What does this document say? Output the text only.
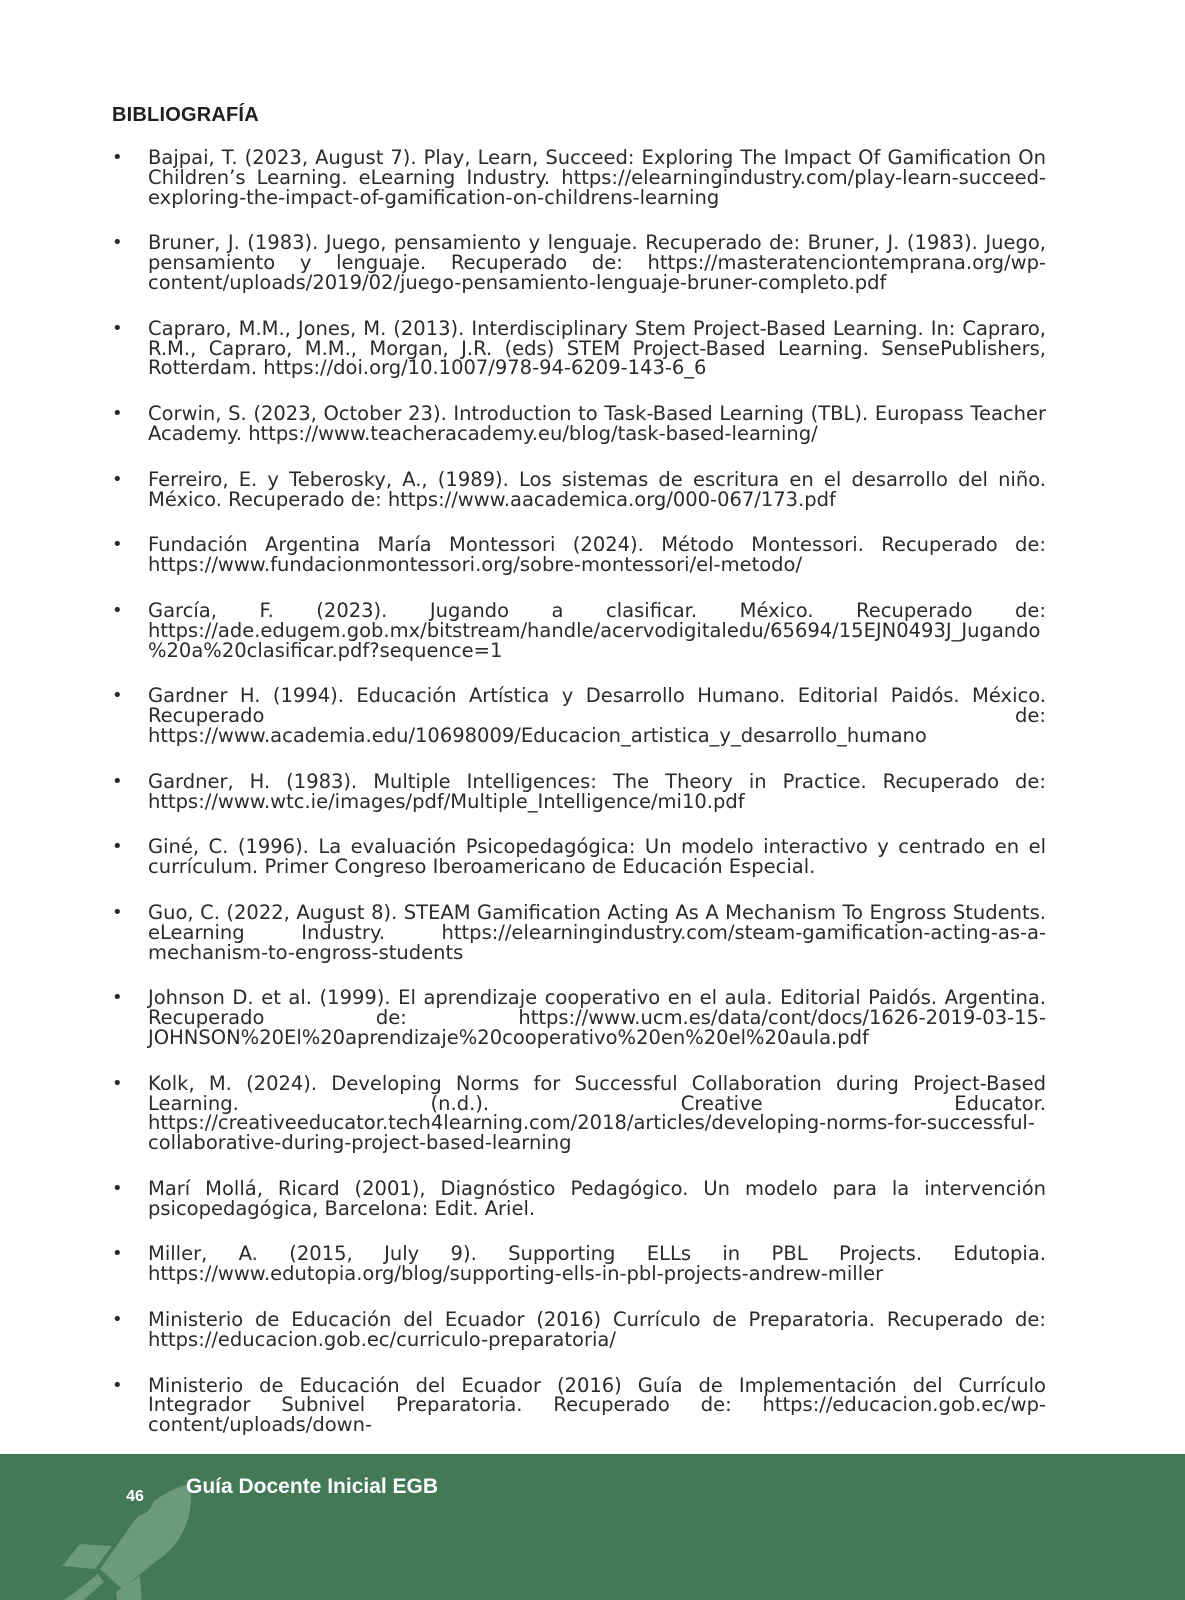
BIBLIOGRAFÍA
• Bajpai, T. (2023, August 7). Play, Learn, Succeed: Exploring The Impact Of Gamification On Children’s Learning. eLearning Industry. https://elearningindustry.com/play-learn-succeed-exploring-the-impact-of-gamification-on-childrens-learning
• Bruner, J. (1983). Juego, pensamiento y lenguaje. Recuperado de: Bruner, J. (1983). Juego, pensamiento y lenguaje. Recuperado de: https://masteratenciontemprana.org/wp-content/uploads/2019/02/juego-pensamiento-lenguaje-bruner-completo.pdf
• Capraro, M.M., Jones, M. (2013). Interdisciplinary Stem Project-Based Learning. In: Capraro, R.M., Capraro, M.M., Morgan, J.R. (eds) STEM Project-Based Learning. SensePublishers, Rotterdam. https://doi.org/10.1007/978-94-6209-143-6_6
• Corwin, S. (2023, October 23). Introduction to Task-Based Learning (TBL). Europass Teacher Academy. https://www.teacheracademy.eu/blog/task-based-learning/
• Ferreiro, E. y Teberosky, A., (1989). Los sistemas de escritura en el desarrollo del niño. México. Recuperado de: https://www.aacademica.org/000-067/173.pdf
• Fundación Argentina María Montessori (2024). Método Montessori. Recuperado de: https://www.fundacionmontessori.org/sobre-montessori/el-metodo/
• García, F. (2023). Jugando a clasificar. México. Recuperado de: https://ade.edugem.gob.mx/bitstream/handle/acervodigitaledu/65694/15EJN0493J_Jugando%20a%20clasificar.pdf?sequence=1
• Gardner H. (1994). Educación Artística y Desarrollo Humano. Editorial Paidós. México. Recuperado de: https://www.academia.edu/10698009/Educacion_artistica_y_desarrollo_humano
• Gardner, H. (1983). Multiple Intelligences: The Theory in Practice. Recuperado de: https://www.wtc.ie/images/pdf/Multiple_Intelligence/mi10.pdf
• Giné, C. (1996). La evaluación Psicopedagógica: Un modelo interactivo y centrado en el currículum. Primer Congreso Iberoamericano de Educación Especial.
• Guo, C. (2022, August 8). STEAM Gamification Acting As A Mechanism To Engross Students. eLearning Industry. https://elearningindustry.com/steam-gamification-acting-as-a-mechanism-to-engross-students
• Johnson D. et al. (1999). El aprendizaje cooperativo en el aula. Editorial Paidós. Argentina. Recuperado de: https://www.ucm.es/data/cont/docs/1626-2019-03-15-JOHNSON%20El%20aprendizaje%20cooperativo%20en%20el%20aula.pdf
• Kolk, M. (2024). Developing Norms for Successful Collaboration during Project-Based Learning. (n.d.). Creative Educator. https://creativeeducator.tech4learning.com/2018/articles/developing-norms-for-successful-collaborative-during-project-based-learning
• Marí Mollá, Ricard (2001), Diagnóstico Pedagógico. Un modelo para la intervención psicopedagógica, Barcelona: Edit. Ariel.
• Miller, A. (2015, July 9). Supporting ELLs in PBL Projects. Edutopia. https://www.edutopia.org/blog/supporting-ells-in-pbl-projects-andrew-miller
• Ministerio de Educación del Ecuador (2016) Currículo de Preparatoria. Recuperado de: https://educacion.gob.ec/curriculo-preparatoria/
• Ministerio de Educación del Ecuador (2016) Guía de Implementación del Currículo Integrador Subnivel Preparatoria. Recuperado de: https://educacion.gob.ec/wp-content/uploads/down-
46	Guía Docente Inicial EGB
